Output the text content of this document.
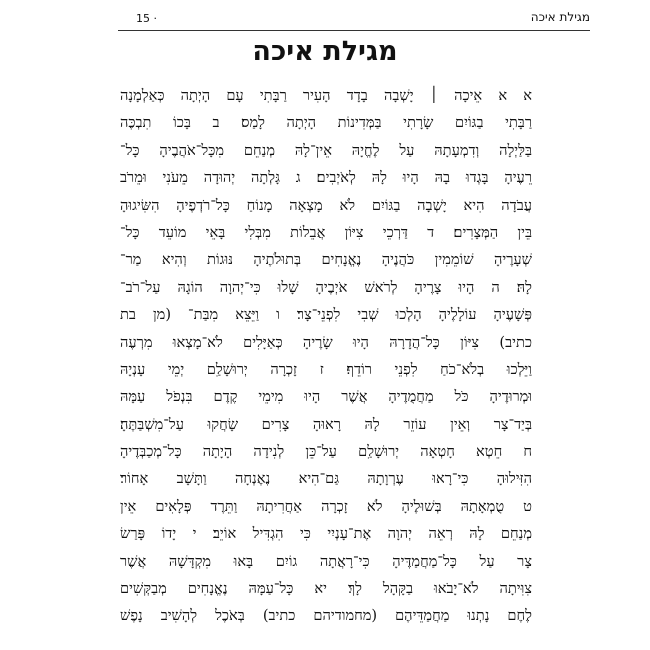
15 ·	מגילת איכה
מגילת איכה
א א אֵיכָה ׀ יָשְׁבָה בָדָד הָעִיר רַבָּתִי עָם הָיְתָה כְּאַלְמָנָה
רַבָּתִי בַגּוֹיִם שָׂרָתִי בַּמְּדִינוֹת הָיְתָה לָמַס׃ ב בָּכוֹ תִבְכֶּה
בַּלַּיְלָה וְדִמְעָתָהּ עַל לֶחֱיָהּ אֵין־לָהּ מְנַחֵם מִכָּל־אֹהֲבֶיהָ כָּל־
רֵעֶיהָ בָּגְדוּ בָהּ הָיוּ לָהּ לְאֹיְבִים׃ ג גָּלְתָה יְהוּדָה מֵעֹנִי וּמֵרֹב
עֲבֹדָה הִיא יָשְׁבָה בַגּוֹיִם לֹא מָצְאָה מָנוֹחַ כָּל־רֹדְפֶיהָ הִשִּׂיגוּהָ
בֵּין הַמְּצָרִים׃ ד דַּרְכֵי צִיּוֹן אֲבֵלוֹת מִבְּלִי בָּאֵי מוֹעֵד כָּל־
שְׁעָרֶיהָ שׁוֹמֵמִין כֹּהֲנֶיהָ נֶאֱנָחִים בְּתוּלֹתֶיהָ נּוּגוֹת וְהִיא מַר־
לָהּ׃ ה הָיוּ צָרֶיהָ לְרֹאשׁ אֹיְבֶיהָ שָׁלוּ כִּי־יְהוָה הוֹגָהּ עַל־רֹב־
פְּשָׁעֶיהָ עוֹלָלֶיהָ הָלְכוּ שְׁבִי לִפְנֵי־צָר׃ ו וַיֵּצֵא מִבַּת־ (מן בת
כתיב) צִיּוֹן כָּל־הֲדָרָהּ הָיוּ שָׂרֶיהָ כְּאַיָּלִים לֹא־מָצְאוּ מִרְעֶה
וַיֵּלְכוּ בְלֹא־כֹחַ לִפְנֵי רוֹדֵף׃ ז זָכְרָה יְרוּשָׁלַ͏ִם יְמֵי עָנְיָהּ
וּמְרוּדֶיהָ כֹּל מַחֲמֻדֶיהָ אֲשֶׁר הָיוּ מִימֵי קֶדֶם בִּנְפֹל עַמָּהּ
בְּיַד־צָר וְאֵין עוֹזֵר לָהּ רָאוּהָ צָרִים שָׂחֲקוּ עַל־מִשְׁבַּתֶּהָ׃
ח חֵטְא חָטְאָה יְרוּשָׁלַ͏ִם עַל־כֵּן לְנִידָה הָיָתָה כָּל־מְכַבְּדֶיהָ
הִזִּילוּהָ כִּי־רָאוּ עֶרְוָתָהּ גַּם־הִיא נֶאֶנְחָה וַתָּשָׁב אָחוֹר׃
ט טֻמְאָתָהּ בְּשׁוּלֶיהָ לֹא זָכְרָה אַחֲרִיתָהּ וַתֵּרֶד פְּלָאִים אֵין
מְנַחֵם לָהּ רְאֵה יְהוָה אֶת־עָנְיִי כִּי הִגְדִּיל אוֹיֵב׃ י יָדוֹ פָּרַשׂ
צָר עַל כָּל־מַחֲמַדֶּיהָ כִּי־רָאֲתָה גוֹיִם בָּאוּ מִקְדָּשָׁהּ אֲשֶׁר
צִוִּיתָה לֹא־יָבֹאוּ בַקָּהָל לָךְ׃ יא כָּל־עַמָּהּ נֶאֱנָחִים מְבַקְּשִׁים
לֶחֶם נָתְנוּ מַחֲמַדֵּיהֶם (מחמודיהם כתיב) בְּאֹכֶל לְהָשִׁיב נָפֶשׁ
